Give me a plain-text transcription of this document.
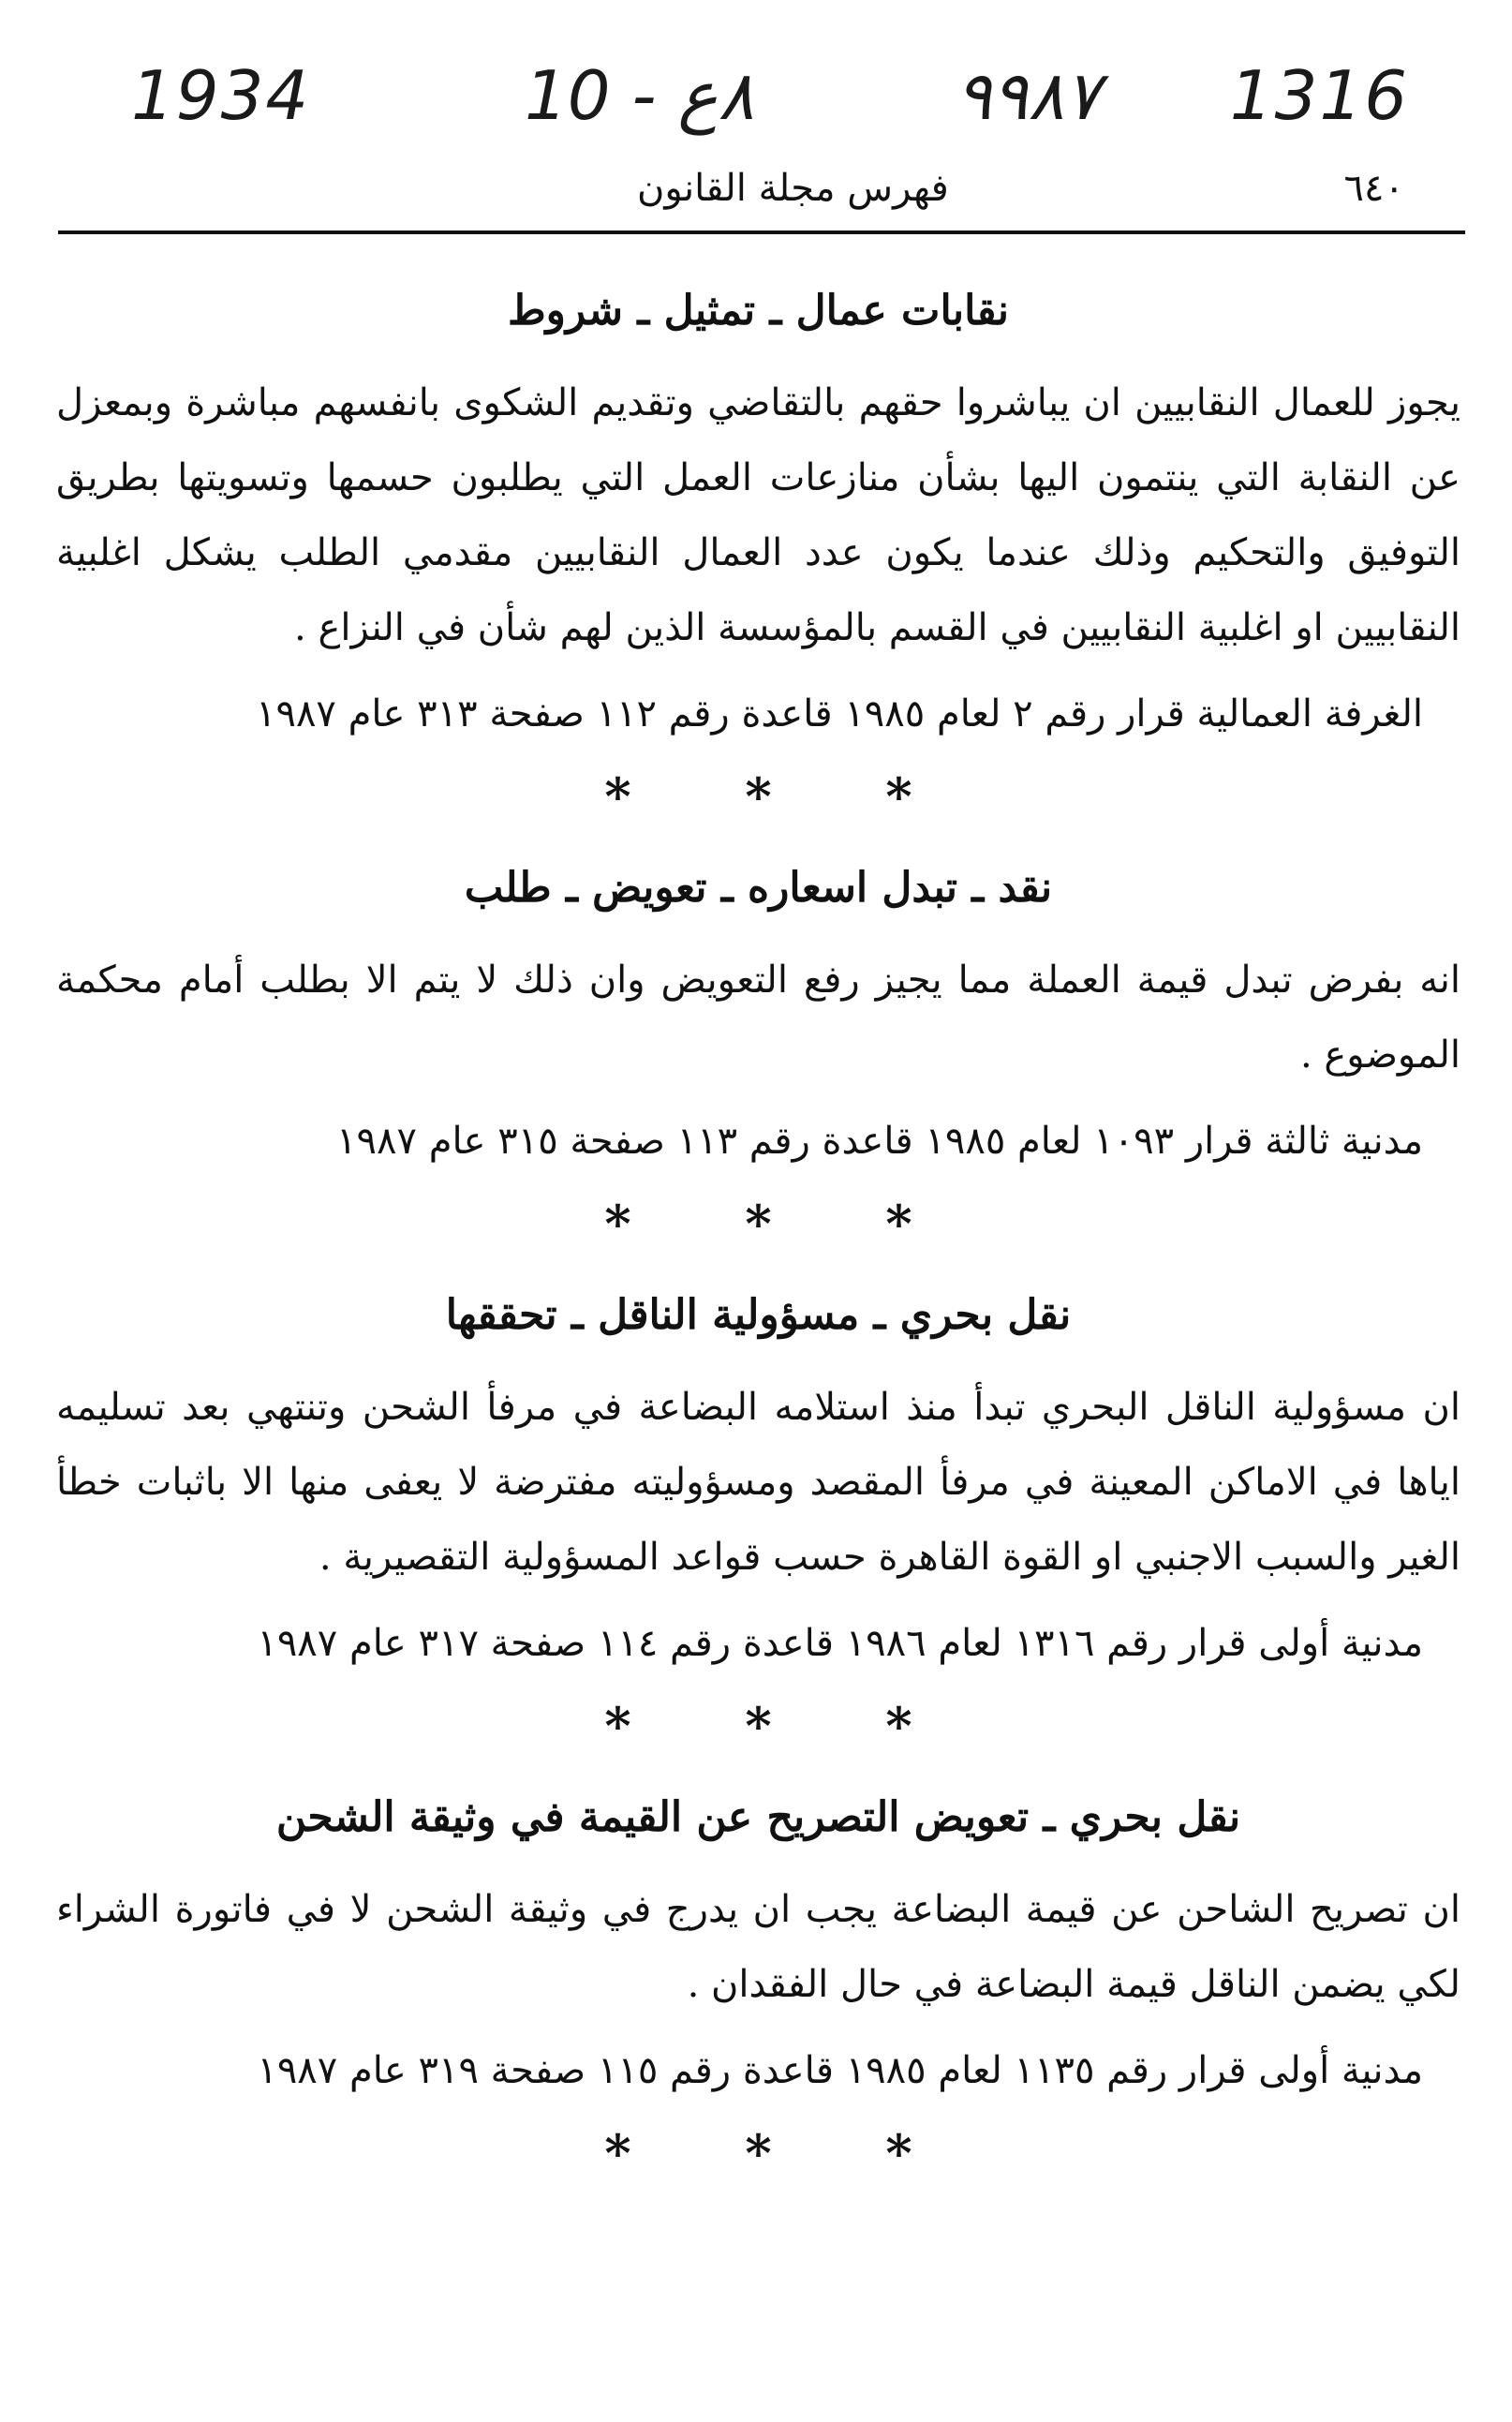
1934	10 - ٨ع	٩٩٨٧ 1316
فهرس مجلة القانون	٦٤٠
نقابات عمال ـ تمثيل ـ شروط

يجوز للعمال النقابيين ان يباشروا حقهم بالتقاضي وتقديم الشكوى بانفسهم مباشرة وبمعزل عن النقابة التي ينتمون اليها بشأن منازعات العمل التي يطلبون حسمها وتسويتها بطريق التوفيق والتحكيم وذلك عندما يكون عدد العمال النقابيين مقدمي الطلب يشكل اغلبية النقابيين او اغلبية النقابيين في القسم بالمؤسسة الذين لهم شأن في النزاع .

الغرفة العمالية قرار رقم ٢ لعام ١٩٨٥ قاعدة رقم ١١٢ صفحة ٣١٣ عام ١٩٨٧

* * *
نقد ـ تبدل اسعاره ـ تعويض ـ طلب

انه بفرض تبدل قيمة العملة مما يجيز رفع التعويض وان ذلك لا يتم الا بطلب أمام محكمة الموضوع .

مدنية ثالثة قرار ١٠٩٣ لعام ١٩٨٥ قاعدة رقم ١١٣ صفحة ٣١٥ عام ١٩٨٧

* * *
نقل بحري ـ مسؤولية الناقل ـ تحققها

ان مسؤولية الناقل البحري تبدأ منذ استلامه البضاعة في مرفأ الشحن وتنتهي بعد تسليمه اياها في الاماكن المعينة في مرفأ المقصد ومسؤوليته مفترضة لا يعفى منها الا باثبات خطأ الغير والسبب الاجنبي او القوة القاهرة حسب قواعد المسؤولية التقصيرية .

مدنية أولى قرار رقم ١٣١٦ لعام ١٩٨٦ قاعدة رقم ١١٤ صفحة ٣١٧ عام ١٩٨٧

* * *
نقل بحري ـ تعويض التصريح عن القيمة في وثيقة الشحن

ان تصريح الشاحن عن قيمة البضاعة يجب ان يدرج في وثيقة الشحن لا في فاتورة الشراء لكي يضمن الناقل قيمة البضاعة في حال الفقدان .

مدنية أولى قرار رقم ١١٣٥ لعام ١٩٨٥ قاعدة رقم ١١٥ صفحة ٣١٩ عام ١٩٨٧

* * *
